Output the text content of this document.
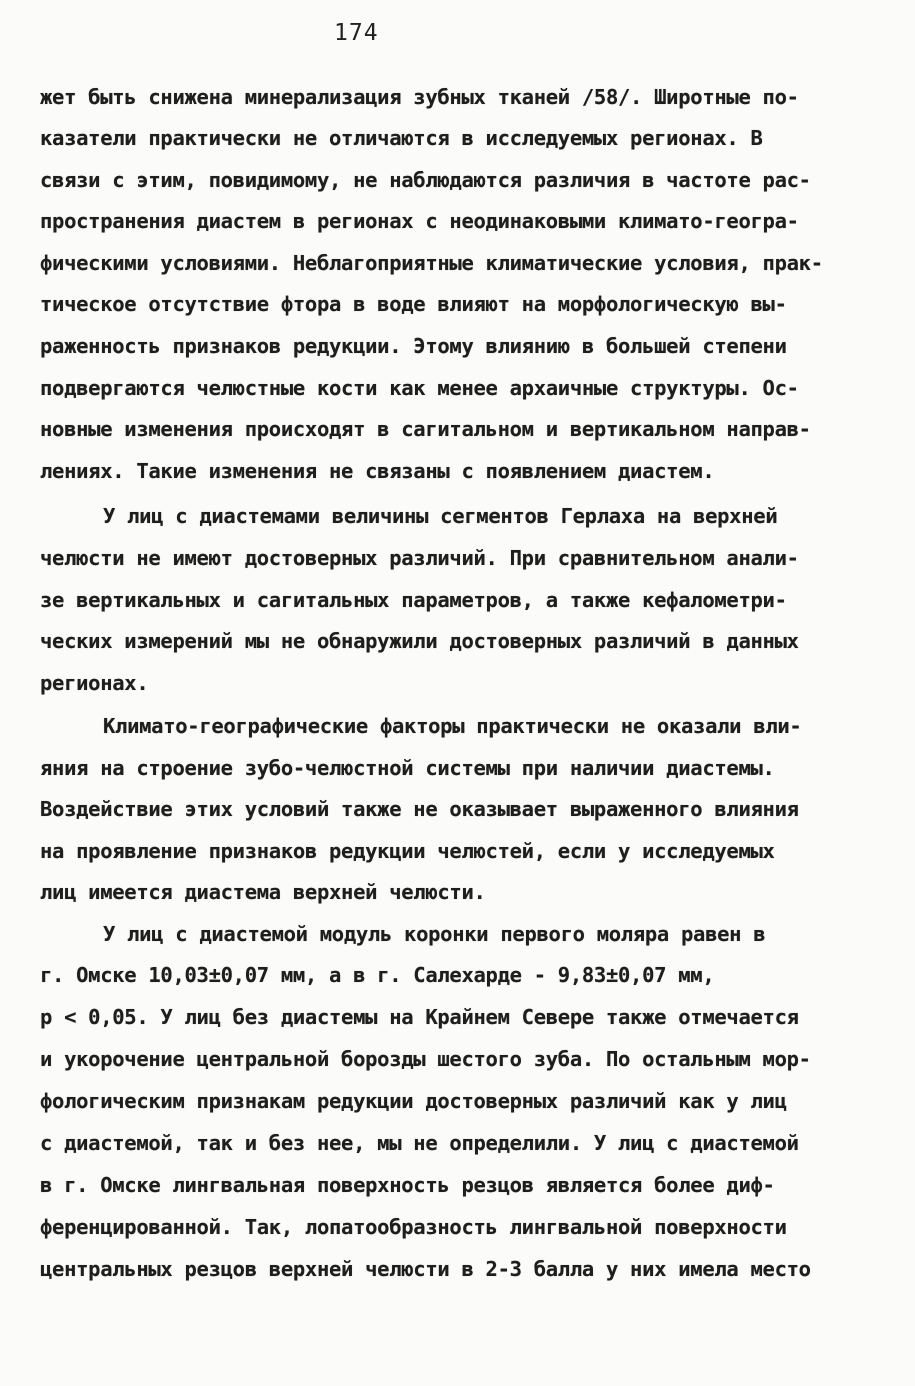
174
жет быть снижена минерализация зубных тканей /58/. Широтные по-
казатели практически не отличаются в исследуемых регионах. В
связи с этим, повидимому, не наблюдаются различия в частоте рас-
пространения диастем в регионах с неодинаковыми климато-геогра-
фическими условиями. Неблагоприятные климатические условия, прак-
тическое отсутствие фтора в воде влияют на морфологическую вы-
раженность признаков редукции. Этому влиянию в большей степени
подвергаются челюстные кости как менее архаичные структуры. Ос-
новные изменения происходят в сагитальном и вертикальном направ-
лениях. Такие изменения не связаны с появлением диастем.
У лиц с диастемами величины сегментов Герлаха на верхней
челюсти не имеют достоверных различий. При сравнительном анали-
зе вертикальных и сагитальных параметров, а также кефалометри-
ческих измерений мы не обнаружили достоверных различий в данных
регионах.
Климато-географические факторы практически не оказали вли-
яния на строение зубо-челюстной системы при наличии диастемы.
Воздействие этих условий также не оказывает выраженного влияния
на проявление признаков редукции челюстей, если у исследуемых
лиц имеется диастема верхней челюсти.
У лиц с диастемой модуль коронки первого моляра равен в
г. Омске 10,03±0,07 мм, а в г. Салехарде - 9,83±0,07 мм,
р < 0,05. У лиц без диастемы на Крайнем Севере также отмечается
и укорочение центральной борозды шестого зуба. По остальным мор-
фологическим признакам редукции достоверных различий как у лиц
с диастемой, так и без нее, мы не определили. У лиц с диастемой
в г. Омске лингвальная поверхность резцов является более диф-
ференцированной. Так, лопатообразность лингвальной поверхности
центральных резцов верхней челюсти в 2-3 балла у них имела место
